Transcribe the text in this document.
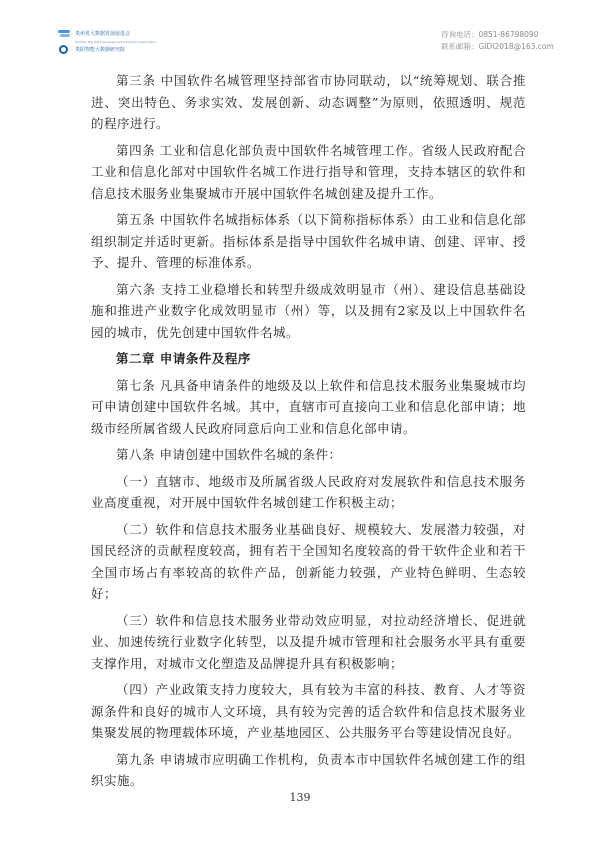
贵州省大数据发展促进会
Guizhou Big Data Development Promotion Association
贵阳智能大数据研究院
咨询电话：0851-86798090
联系邮箱：GIDI2018@163.com

第三条 中国软件名城管理坚持部省市协同联动，以“统筹规划、联合推进、突出特色、务求实效、发展创新、动态调整”为原则，依照透明、规范的程序进行。

第四条 工业和信息化部负责中国软件名城管理工作。省级人民政府配合工业和信息化部对中国软件名城工作进行指导和管理，支持本辖区的软件和信息技术服务业集聚城市开展中国软件名城创建及提升工作。

第五条 中国软件名城指标体系（以下简称指标体系）由工业和信息化部组织制定并适时更新。指标体系是指导中国软件名城申请、创建、评审、授予、提升、管理的标准体系。

第六条 支持工业稳增长和转型升级成效明显市（州）、建设信息基础设施和推进产业数字化成效明显市（州）等，以及拥有2家及以上中国软件名园的城市，优先创建中国软件名城。

第二章 申请条件及程序

第七条 凡具备申请条件的地级及以上软件和信息技术服务业集聚城市均可申请创建中国软件名城。其中，直辖市可直接向工业和信息化部申请；地级市经所属省级人民政府同意后向工业和信息化部申请。

第八条 申请创建中国软件名城的条件：

（一）直辖市、地级市及所属省级人民政府对发展软件和信息技术服务业高度重视，对开展中国软件名城创建工作积极主动；

（二）软件和信息技术服务业基础良好、规模较大、发展潜力较强，对国民经济的贡献程度较高，拥有若干全国知名度较高的骨干软件企业和若干全国市场占有率较高的软件产品，创新能力较强，产业特色鲜明、生态较好；

（三）软件和信息技术服务业带动效应明显，对拉动经济增长、促进就业、加速传统行业数字化转型，以及提升城市管理和社会服务水平具有重要支撑作用，对城市文化塑造及品牌提升具有积极影响；

（四）产业政策支持力度较大，具有较为丰富的科技、教育、人才等资源条件和良好的城市人文环境，具有较为完善的适合软件和信息技术服务业集聚发展的物理载体环境，产业基地园区、公共服务平台等建设情况良好。

第九条 申请城市应明确工作机构，负责本市中国软件名城创建工作的组织实施。

139
